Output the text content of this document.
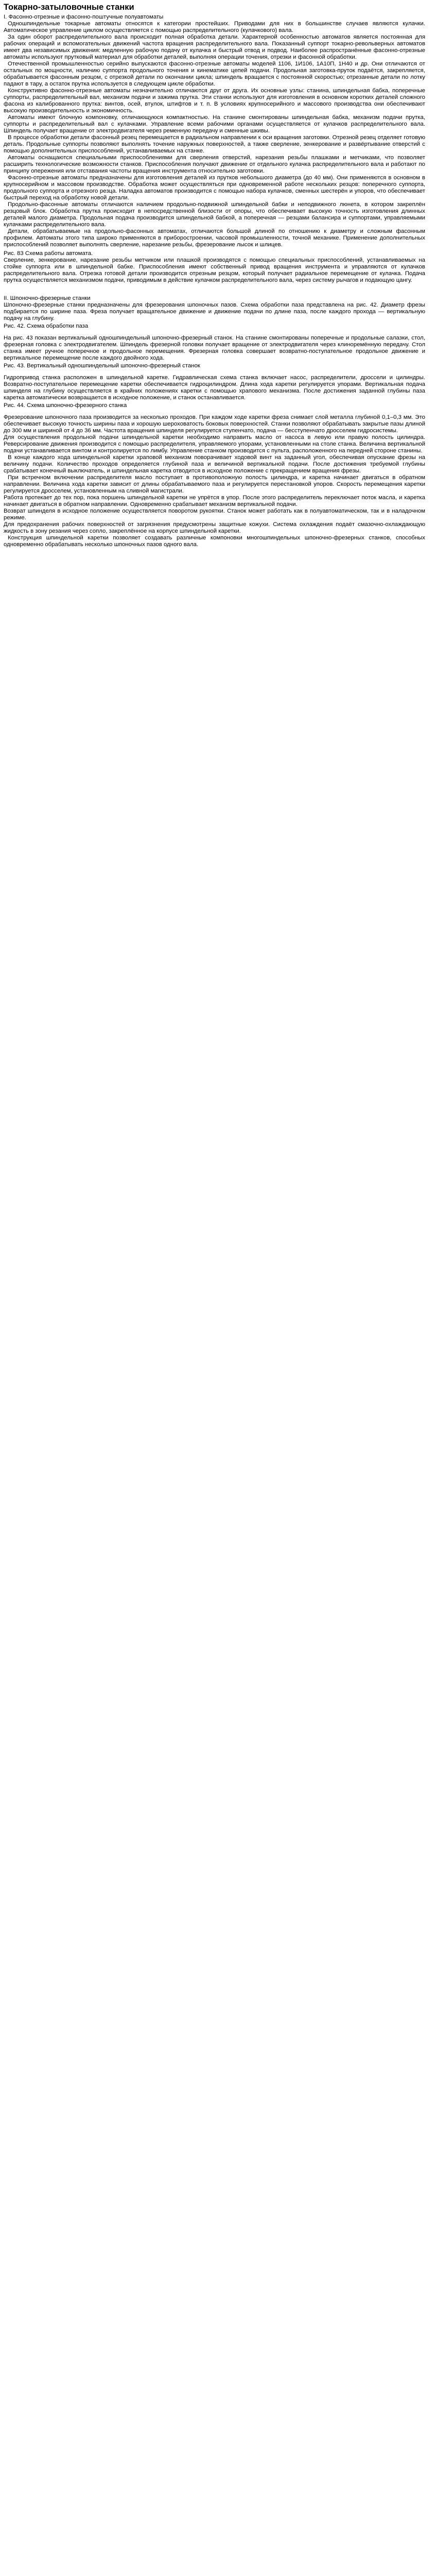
Токарно-затыловочные станки

I. Фасонно-отрезные и фасонно-поштучные полуавтоматы

Одношпиндельные токарные автоматы относятся к категории простейших. Приводами для них в большинстве случаев являются кулачки. Автоматическое управление циклом осуществляется с помощью распределительного (кулачкового) вала.

За один оборот распределительного вала происходит полная обработка детали. Характерной особенностью автоматов является постоянная для рабочих операций и вспомогательных движений частота вращения распределительного вала. Показанный суппорт токарно-револьверных автоматов имеет два независимых движения: медленную рабочую подачу от кулачка и быстрый отвод и подвод. Наиболее распространённые фасонно-отрезные автоматы используют прутковый материал для обработки деталей, выполняя операции точения, отрезки и фасонной обработки.

Отечественной промышленностью серийно выпускаются фасонно-отрезные автоматы моделей 1106, 1И106, 1А10П, 1Н40 и др. Они отличаются от остальных по мощности, наличию суппорта продольного точения и кинематике цепей подачи. Продольная заготовка-пруток подаётся, закрепляется, обрабатывается фасонным резцом, с отрезкой детали по окончании цикла; шпиндель вращается с постоянной скоростью; отрезанные детали по лотку падают в тару, а остаток прутка используется в следующем цикле обработки.

Конструктивно фасонно-отрезные автоматы незначительно отличаются друг от друга. Их основные узлы: станина, шпиндельная бабка, поперечные суппорты, распределительный вал, механизм подачи и зажима прутка. Эти станки используют для изготовления в основном коротких деталей сложного фасона из калиброванного прутка: винтов, осей, втулок, штифтов и т. п. В условиях крупносерийного и массового производства они обеспечивают высокую производительность и экономичность.

Автоматы имеют блочную компоновку, отличающуюся компактностью. На станине смонтированы шпиндельная бабка, механизм подачи прутка, суппорты и распределительный вал с кулачками. Управление всеми рабочими органами осуществляется от кулачков распределительного вала. Шпиндель получает вращение от электродвигателя через ременную передачу и сменные шкивы.

В процессе обработки детали фасонный резец перемещается в радиальном направлении к оси вращения заготовки. Отрезной резец отделяет готовую деталь. Продольные суппорты позволяют выполнять точение наружных поверхностей, а также сверление, зенкерование и развёртывание отверстий с помощью дополнительных приспособлений, устанавливаемых на станке.

Автоматы оснащаются специальными приспособлениями для сверления отверстий, нарезания резьбы плашками и метчиками, что позволяет расширить технологические возможности станков. Приспособления получают движение от отдельного кулачка распределительного вала и работают по принципу опережения или отставания частоты вращения инструмента относительно заготовки.

Фасонно-отрезные автоматы предназначены для изготовления деталей из прутков небольшого диаметра (до 40 мм). Они применяются в основном в крупносерийном и массовом производстве. Обработка может осуществляться при одновременной работе нескольких резцов: поперечного суппорта, продольного суппорта и отрезного резца. Наладка автоматов производится с помощью набора кулачков, сменных шестерён и упоров, что обеспечивает быстрый переход на обработку новой детали.

Продольно-фасонные автоматы отличаются наличием продольно-подвижной шпиндельной бабки и неподвижного люнета, в котором закреплён резцовый блок. Обработка прутка происходит в непосредственной близости от опоры, что обеспечивает высокую точность изготовления длинных деталей малого диаметра. Продольная подача производится шпиндельной бабкой, а поперечная — резцами балансира и суппортами, управляемыми кулачками распределительного вала.

Детали, обрабатываемые на продольно-фасонных автоматах, отличаются большой длиной по отношению к диаметру и сложным фасонным профилем. Автоматы этого типа широко применяются в приборостроении, часовой промышленности, точной механике. Применение дополнительных приспособлений позволяет выполнять сверление, нарезание резьбы, фрезерование лысок и шлицев.

Рис. 83 Схема работы автомата.

Сверление, зенкерование, нарезание резьбы метчиком или плашкой производятся с помощью специальных приспособлений, устанавливаемых на стойке суппорта или в шпиндельной бабке. Приспособления имеют собственный привод вращения инструмента и управляются от кулачков распределительного вала. Отрезка готовой детали производится отрезным резцом, который получает радиальное перемещение от кулачка. Подача прутка осуществляется механизмом подачи, приводимым в действие кулачком распределительного вала, через систему рычагов и подающую цангу.

II. Шпоночно-фрезерные станки

Шпоночно-фрезерные станки предназначены для фрезерования шпоночных пазов. Схема обработки паза представлена на рис. 42. Диаметр фрезы подбирается по ширине паза. Фреза получает вращательное движение и движение подачи по длине паза, после каждого прохода — вертикальную подачу на глубину.

Рис. 42. Схема обработки паза

На рис. 43 показан вертикальный одношпиндельный шпоночно-фрезерный станок. На станине смонтированы поперечные и продольные салазки, стол, фрезерная головка с электродвигателем. Шпиндель фрезерной головки получает вращение от электродвигателя через клиноремённую передачу. Стол станка имеет ручное поперечное и продольное перемещения. Фрезерная головка совершает возвратно-поступательное продольное движение и вертикальное перемещение после каждого двойного хода.

Рис. 43. Вертикальный одношпиндельный шпоночно-фрезерный станок

Гидропривод станка расположен в шпиндельной каретке. Гидравлическая схема станка включает насос, распределители, дроссели и цилиндры. Возвратно-поступательное перемещение каретки обеспечивается гидроцилиндром. Длина хода каретки регулируется упорами. Вертикальная подача шпинделя на глубину осуществляется в крайних положениях каретки с помощью храпового механизма. После достижения заданной глубины паза каретка автоматически возвращается в исходное положение, и станок останавливается.

Рис. 44. Схема шпоночно-фрезерного станка

Фрезерование шпоночного паза производится за несколько проходов. При каждом ходе каретки фреза снимает слой металла глубиной 0,1–0,3 мм. Это обеспечивает высокую точность ширины паза и хорошую шероховатость боковых поверхностей. Станки позволяют обрабатывать закрытые пазы длиной до 300 мм и шириной от 4 до 36 мм. Частота вращения шпинделя регулируется ступенчато, подача — бесступенчато дросселем гидросистемы.

Для осуществления продольной подачи шпиндельной каретки необходимо направить масло от насоса в левую или правую полость цилиндра. Реверсирование движения производится с помощью распределителя, управляемого упорами, установленными на столе станка. Величина вертикальной подачи устанавливается винтом и контролируется по лимбу. Управление станком производится с пульта, расположенного на передней стороне станины.

В конце каждого хода шпиндельной каретки храповой механизм поворачивает ходовой винт на заданный угол, обеспечивая опускание фрезы на величину подачи. Количество проходов определяется глубиной паза и величиной вертикальной подачи. После достижения требуемой глубины срабатывает конечный выключатель, и шпиндельная каретка отводится в исходное положение с прекращением вращения фрезы.

При встречном включении распределителя масло поступает в противоположную полость цилиндра, и каретка начинает двигаться в обратном направлении. Величина хода каретки зависит от длины обрабатываемого паза и регулируется перестановкой упоров. Скорость перемещения каретки регулируется дросселем, установленным на сливной магистрали.

Работа протекает до тех пор, пока поршень шпиндельной каретки не упрётся в упор. После этого распределитель переключает поток масла, и каретка начинает двигаться в обратном направлении. Одновременно срабатывает механизм вертикальной подачи.

Возврат шпинделя в исходное положение осуществляется поворотом рукоятки. Станок может работать как в полуавтоматическом, так и в наладочном режиме.

Для предохранения рабочих поверхностей от загрязнения предусмотрены защитные кожухи. Система охлаждения подаёт смазочно-охлаждающую жидкость в зону резания через сопло, закреплённое на корпусе шпиндельной каретки.

Конструкция шпиндельной каретки позволяет создавать различные компоновки многошпиндельных шпоночно-фрезерных станков, способных одновременно обрабатывать несколько шпоночных пазов одного вала.
